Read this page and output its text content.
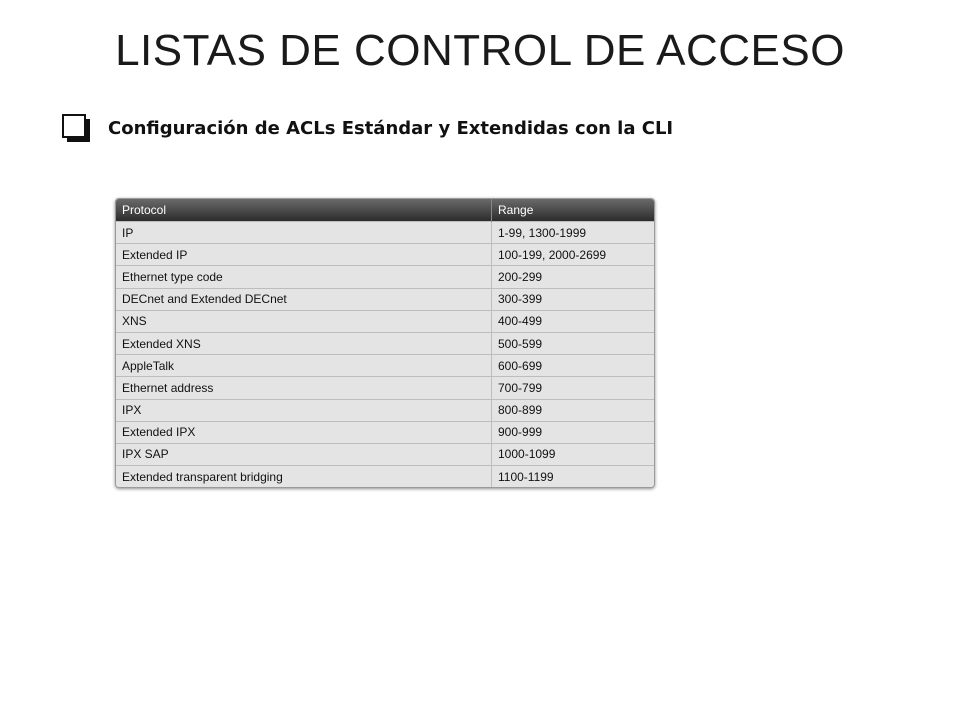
LISTAS DE CONTROL DE ACCESO
Configuración de ACLs Estándar y Extendidas con la CLI
Protocol	Range
IP	1-99, 1300-1999
Extended IP	100-199, 2000-2699
Ethernet type code	200-299
DECnet and Extended DECnet	300-399
XNS	400-499
Extended XNS	500-599
AppleTalk	600-699
Ethernet address	700-799
IPX	800-899
Extended IPX	900-999
IPX SAP	1000-1099
Extended transparent bridging	1100-1199
